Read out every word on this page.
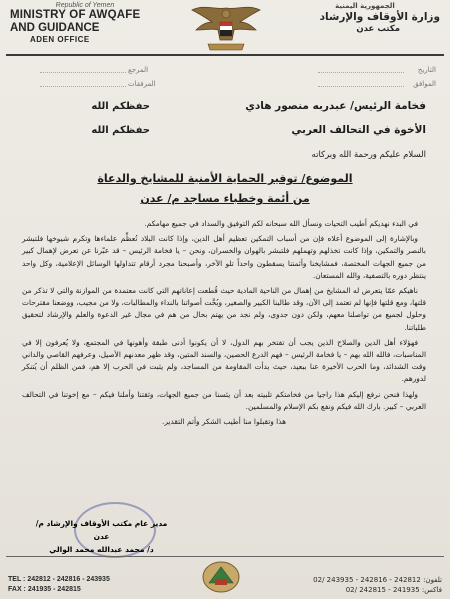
Republic of Yemen
MINISTRY OF AWQAFE
AND GUIDANCE
ADEN OFFICE
الجمهورية اليمنية
وزارة الأوقاف والإرشاد
مكتب عدن
المرجع
المرفقات
التاريخ
الموافق
فخامة الرئيس/ عبدربه منصور هادي
حفظكم الله
الأخوة في التحالف العربي
حفظكم الله
السلام عليكم ورحمة الله وبركاته
الموضوع/ توفير الحماية الأمنية للمشايخ والدعاة
من أئمة وخطباء مساجد م/ عدن

في البدء نهديكم أطيب التحيات ونسأل الله سبحانه لكم التوفيق والسداد في جميع مهامكم.

وبالإشارة إلى الموضوع أعلاه فإن من أسباب التمكين تعظيم أهل الدين، وإذا كانت البلاد تُعظِّم علماءها وتكرم شيوخها فلتبشر بالنصر والتمكين، وإذا كانت تخذلهم وتهملهم فلتبشر بالهوان والخسران، ونحن – يا فخامة الرئيس – قد عبّرنا عن تعرض لإهمال كبير من جميع الجهات المختصة، فمشايخنا وأئمتنا يسقطون واحداً تلو الآخر، وأصبحنا مجرد أرقام تتداولها الوسائل الإعلامية، وكل واحد ينتظر دوره بالتصفية، والله المستعان.

ناهيكم عمّا يتعرض له المشايخ من إهمال من الناحية المادية حيث قُطعت إعاناتهم التي كانت معتمدة من الموازنة والتي لا تذكر من قلتها، ومع قلتها فإنها لم تعتمد إلى الآن، وقد طالبنا الكبير والصغير، وبُحَّت أصواتنا بالنداء والمطالبات، ولا من مجيب، ووضعنا مقترحات وحلول لجميع من تواصلنا معهم، ولكن دون جدوى، ولم نجد من يهتم بحال من هم في مجال غير الدعوة والعلم والإرشاد لتحقيق طلباتنا.

فهؤلاء أهل الدين والصلاح الذين يجب أن تفتخر بهم الدول، لا أن يكونوا أدنى طبقة وأهونها في المجتمع، ولا يُعرفون إلا في المناسبات، فالله الله بهم – يا فخامة الرئيس – فهم الدرع الحصين، والسند المتين، وقد ظهر معدنهم الأصيل، وعرفهم القاصي والداني وقت الشدائد، وما الحرب الأخيرة عنا ببعيد، حيث بدأت المقاومة من المساجد، ولم يثبت في الحرب إلا هم، فمن الظلم أن يُتنكر لدورهم.

ولهذا فنحن نرفع إليكم هذا راجيا من فخامتكم تلبيته بعد أن يئسنا من جميع الجهات، وثقتنا وأملنا فيكم – مع إخوتنا في التحالف العربي – كبير. بارك الله فيكم ونفع بكم الإسلام والمسلمين.

هذا وتقبلوا منا أطيب الشكر وأتم التقدير.

مدير عام مكتب الأوقاف والإرشاد م/عدن
د/ محمد عبدالله محمد الوالي
TEL : 242812 - 242816 - 243935
FAX : 241935 - 242815
تلفون: 242812 - 242816 - 243935 /02
فاكس: 241935 - 242815 /02
